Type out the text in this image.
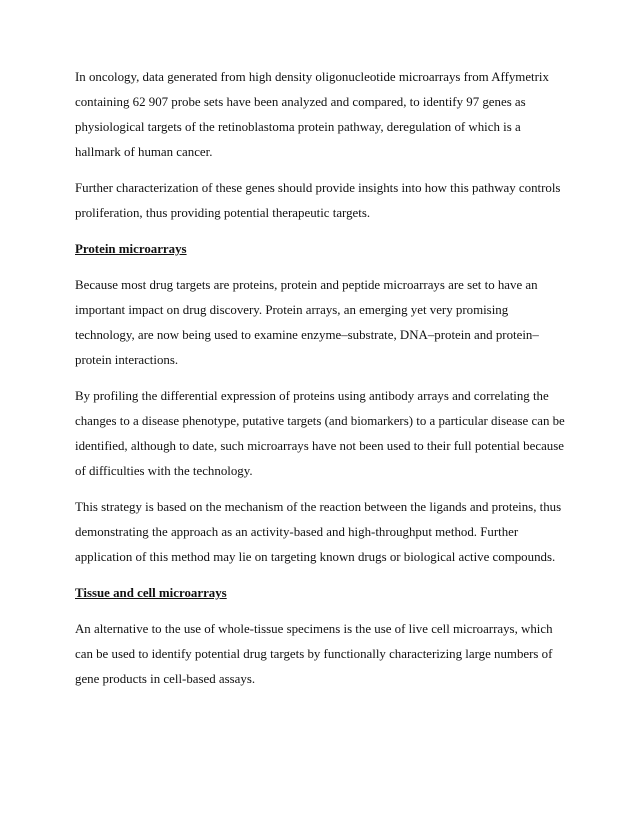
In oncology, data generated from high density oligonucleotide microarrays from Affymetrix containing 62 907 probe sets have been analyzed and compared, to identify 97 genes as physiological targets of the retinoblastoma protein pathway, deregulation of which is a hallmark of human cancer.

Further characterization of these genes should provide insights into how this pathway controls proliferation, thus providing potential therapeutic targets.

Protein microarrays

Because most drug targets are proteins, protein and peptide microarrays are set to have an important impact on drug discovery. Protein arrays, an emerging yet very promising technology, are now being used to examine enzyme–substrate, DNA–protein and protein–protein interactions.

By profiling the differential expression of proteins using antibody arrays and correlating the changes to a disease phenotype, putative targets (and biomarkers) to a particular disease can be identified, although to date, such microarrays have not been used to their full potential because of difficulties with the technology.

This strategy is based on the mechanism of the reaction between the ligands and proteins, thus demonstrating the approach as an activity-based and high-throughput method. Further application of this method may lie on targeting known drugs or biological active compounds.

Tissue and cell microarrays

An alternative to the use of whole-tissue specimens is the use of live cell microarrays, which can be used to identify potential drug targets by functionally characterizing large numbers of gene products in cell-based assays.
